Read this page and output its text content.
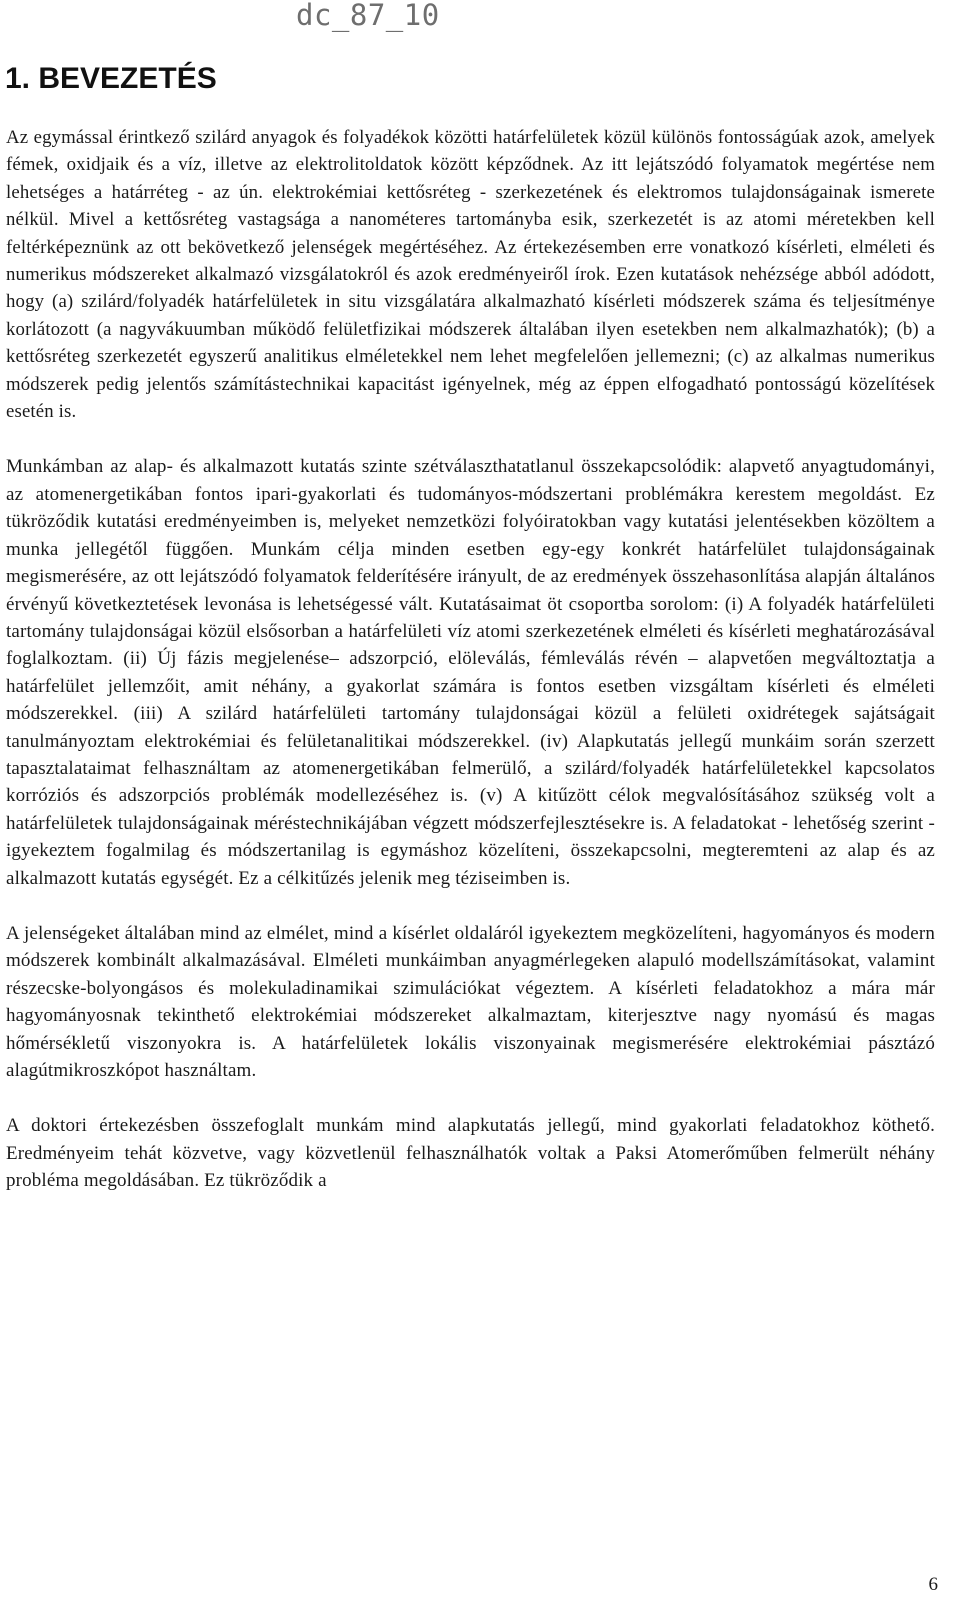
dc_87_10
1. BEVEZETÉS

Az egymással érintkező szilárd anyagok és folyadékok közötti határfelületek közül különös fontosságúak azok, amelyek fémek, oxidjaik és a víz, illetve az elektrolitoldatok között képződnek. Az itt lejátszódó folyamatok megértése nem lehetséges a határréteg - az ún. elektrokémiai kettősréteg - szerkezetének és elektromos tulajdonságainak ismerete nélkül. Mivel a kettősréteg vastagsága a nanométeres tartományba esik, szerkezetét is az atomi méretekben kell feltérképeznünk az ott bekövetkező jelenségek megértéséhez. Az értekezésemben erre vonatkozó kísérleti, elméleti és numerikus módszereket alkalmazó vizsgálatokról és azok eredményeiről írok. Ezen kutatások nehézsége abból adódott, hogy (a) szilárd/folyadék határfelületek in situ vizsgálatára alkalmazható kísérleti módszerek száma és teljesítménye korlátozott (a nagyvákuumban működő felületfizikai módszerek általában ilyen esetekben nem alkalmazhatók); (b) a kettősréteg szerkezetét egyszerű analitikus elméletekkel nem lehet megfelelően jellemezni; (c) az alkalmas numerikus módszerek pedig jelentős számítástechnikai kapacitást igényelnek, még az éppen elfogadható pontosságú közelítések esetén is.

Munkámban az alap- és alkalmazott kutatás szinte szétválaszthatatlanul összekapcsolódik: alapvető anyagtudományi, az atomenergetikában fontos ipari-gyakorlati és tudományos-módszertani problémákra kerestem megoldást. Ez tükröződik kutatási eredményeimben is, melyeket nemzetközi folyóiratokban vagy kutatási jelentésekben közöltem a munka jellegétől függően. Munkám célja minden esetben egy-egy konkrét határfelület tulajdonságainak megismerésére, az ott lejátszódó folyamatok felderítésére irányult, de az eredmények összehasonlítása alapján általános érvényű következtetések levonása is lehetségessé vált. Kutatásaimat öt csoportba sorolom: (i) A folyadék határfelületi tartomány tulajdonságai közül elsősorban a határfelületi víz atomi szerkezetének elméleti és kísérleti meghatározásával foglalkoztam. (ii) Új fázis megjelenése– adszorpció, elöleválás, fémleválás révén – alapvetően megváltoztatja a határfelület jellemzőit, amit néhány, a gyakorlat számára is fontos esetben vizsgáltam kísérleti és elméleti módszerekkel. (iii) A szilárd határfelületi tartomány tulajdonságai közül a felületi oxidrétegek sajátságait tanulmányoztam elektrokémiai és felületanalitikai módszerekkel. (iv) Alapkutatás jellegű munkáim során szerzett tapasztalataimat felhasználtam az atomenergetikában felmerülő, a szilárd/folyadék határfelületekkel kapcsolatos korróziós és adszorpciós problémák modellezéséhez is. (v) A kitűzött célok megvalósításához szükség volt a határfelületek tulajdonságainak méréstechnikájában végzett módszerfejlesztésekre is. A feladatokat - lehetőség szerint - igyekeztem fogalmilag és módszertanilag is egymáshoz közelíteni, összekapcsolni, megteremteni az alap és az alkalmazott kutatás egységét. Ez a célkitűzés jelenik meg téziseimben is.

A jelenségeket általában mind az elmélet, mind a kísérlet oldaláról igyekeztem megközelíteni, hagyományos és modern módszerek kombinált alkalmazásával. Elméleti munkáimban anyagmérlegeken alapuló modellszámításokat, valamint részecske-bolyongásos és molekuladinamikai szimulációkat végeztem. A kísérleti feladatokhoz a mára már hagyományosnak tekinthető elektrokémiai módszereket alkalmaztam, kiterjesztve nagy nyomású és magas hőmérsékletű viszonyokra is. A határfelületek lokális viszonyainak megismerésére elektrokémiai pásztázó alagútmikroszkópot használtam.

A doktori értekezésben összefoglalt munkám mind alapkutatás jellegű, mind gyakorlati feladatokhoz köthető. Eredményeim tehát közvetve, vagy közvetlenül felhasználhatók voltak a Paksi Atomerőműben felmerült néhány probléma megoldásában. Ez tükröződik a

6
